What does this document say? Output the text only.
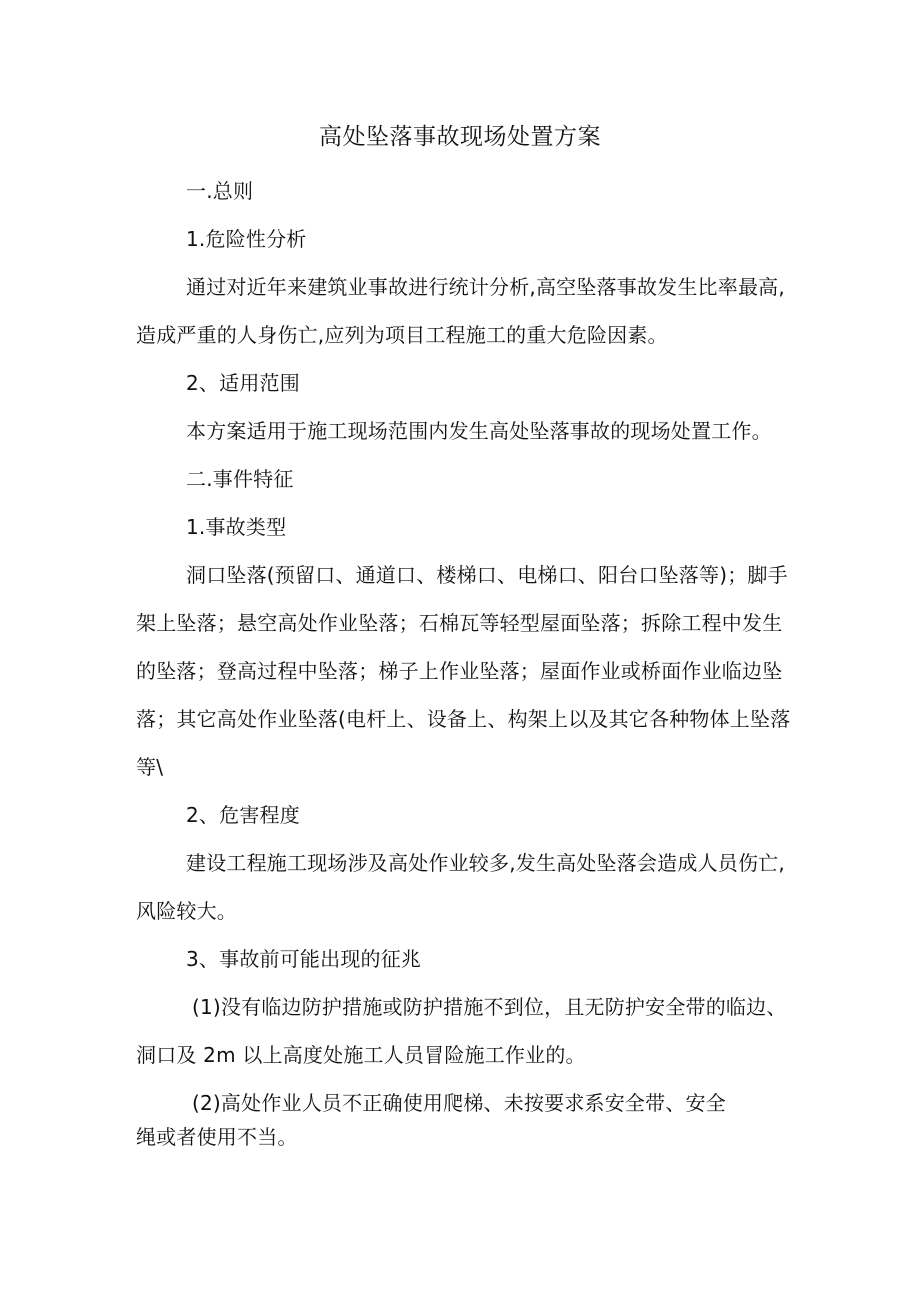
高处坠落事故现场处置方案
一.总则
1.危险性分析
通过对近年来建筑业事故进行统计分析,高空坠落事故发生比率最高,
造成严重的人身伤亡,应列为项目工程施工的重大危险因素。
2、适用范围
本方案适用于施工现场范围内发生高处坠落事故的现场处置工作。
二.事件特征
1.事故类型
洞口坠落(预留口、通道口、楼梯口、电梯口、阳台口坠落等)；脚手
架上坠落；悬空高处作业坠落；石棉瓦等轻型屋面坠落；拆除工程中发生
的坠落；登高过程中坠落；梯子上作业坠落；屋面作业或桥面作业临边坠
落；其它高处作业坠落(电杆上、设备上、构架上以及其它各种物体上坠落
等\
2、危害程度
建设工程施工现场涉及高处作业较多,发生高处坠落会造成人员伤亡,
风险较大。
3、事故前可能出现的征兆
(1)没有临边防护措施或防护措施不到位，且无防护安全带的临边、
洞口及 2m 以上高度处施工人员冒险施工作业的。
(2)高处作业人员不正确使用爬梯、未按要求系安全带、安全
绳或者使用不当。
